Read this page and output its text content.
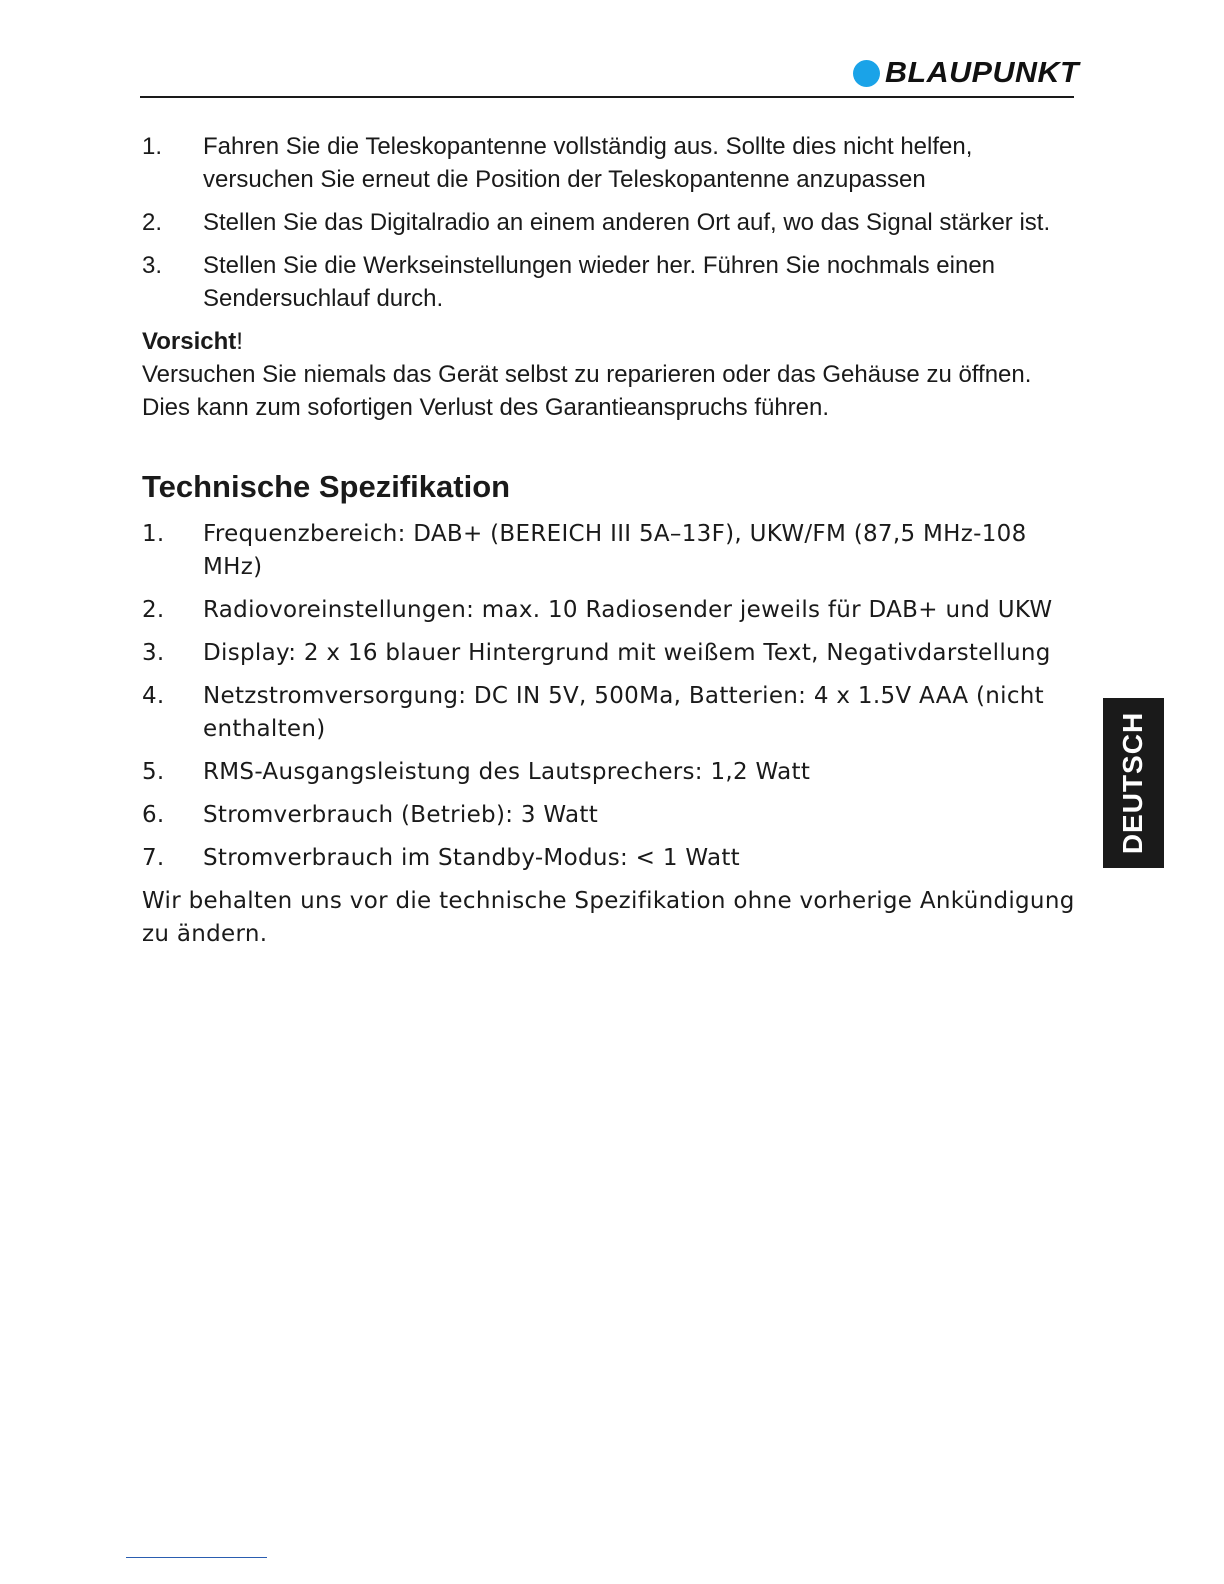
BLAUPUNKT
1.	Fahren Sie die Teleskopantenne vollständig aus. Sollte dies nicht helfen, versuchen Sie erneut die Position der Teleskopantenne anzupassen
2.	Stellen Sie das Digitalradio an einem anderen Ort auf, wo das Signal stärker ist.
3.	Stellen Sie die Werkseinstellungen wieder her. Führen Sie nochmals einen Sendersuchlauf durch.
Vorsicht!

Versuchen Sie niemals das Gerät selbst zu reparieren oder das Gehäuse zu öffnen. Dies kann zum sofortigen Verlust des Garantieanspruchs führen.

Technische Spezifikation
1.	Frequenzbereich: DAB+ (BEREICH III 5A–13F), UKW/FM (87,5 MHz-108 MHz)
2.	Radiovoreinstellungen: max. 10 Radiosender jeweils für DAB+ und UKW
3.	Display: 2 x 16 blauer Hintergrund mit weißem Text, Negativdarstellung
4.	Netzstromversorgung: DC IN 5V, 500Ma, Batterien: 4 x 1.5V AAA (nicht enthalten)
5.	RMS-Ausgangsleistung des Lautsprechers: 1,2 Watt
6.	Stromverbrauch (Betrieb): 3 Watt
7.	Stromverbrauch im Standby-Modus: < 1 Watt

Wir behalten uns vor die technische Spezifikation ohne vorherige Ankündigung zu ändern.

DEUTSCH
